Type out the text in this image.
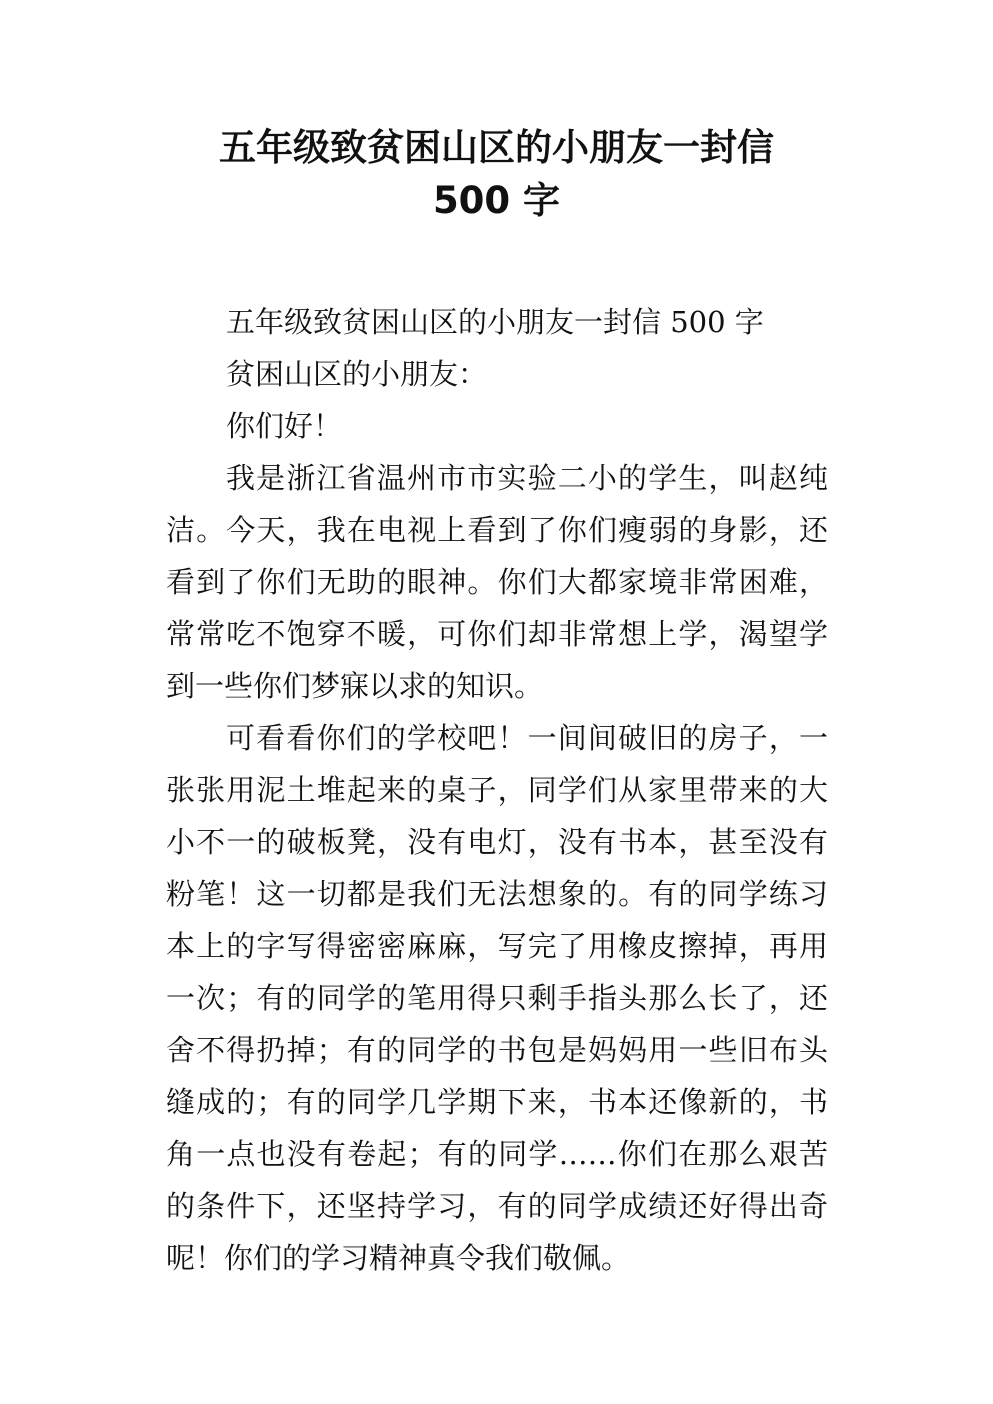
五年级致贫困山区的小朋友一封信
500 字

五年级致贫困山区的小朋友一封信 500 字

贫困山区的小朋友：

你们好！

我是浙江省温州市市实验二小的学生，叫赵纯洁。今天，我在电视上看到了你们瘦弱的身影，还看到了你们无助的眼神。你们大都家境非常困难，常常吃不饱穿不暖，可你们却非常想上学，渴望学到一些你们梦寐以求的知识。

可看看你们的学校吧！一间间破旧的房子，一张张用泥土堆起来的桌子，同学们从家里带来的大小不一的破板凳，没有电灯，没有书本，甚至没有粉笔！这一切都是我们无法想象的。有的同学练习本上的字写得密密麻麻，写完了用橡皮擦掉，再用一次；有的同学的笔用得只剩手指头那么长了，还舍不得扔掉；有的同学的书包是妈妈用一些旧布头缝成的；有的同学几学期下来，书本还像新的，书角一点也没有卷起；有的同学……你们在那么艰苦的条件下，还坚持学习，有的同学成绩还好得出奇呢！你们的学习精神真令我们敬佩。
